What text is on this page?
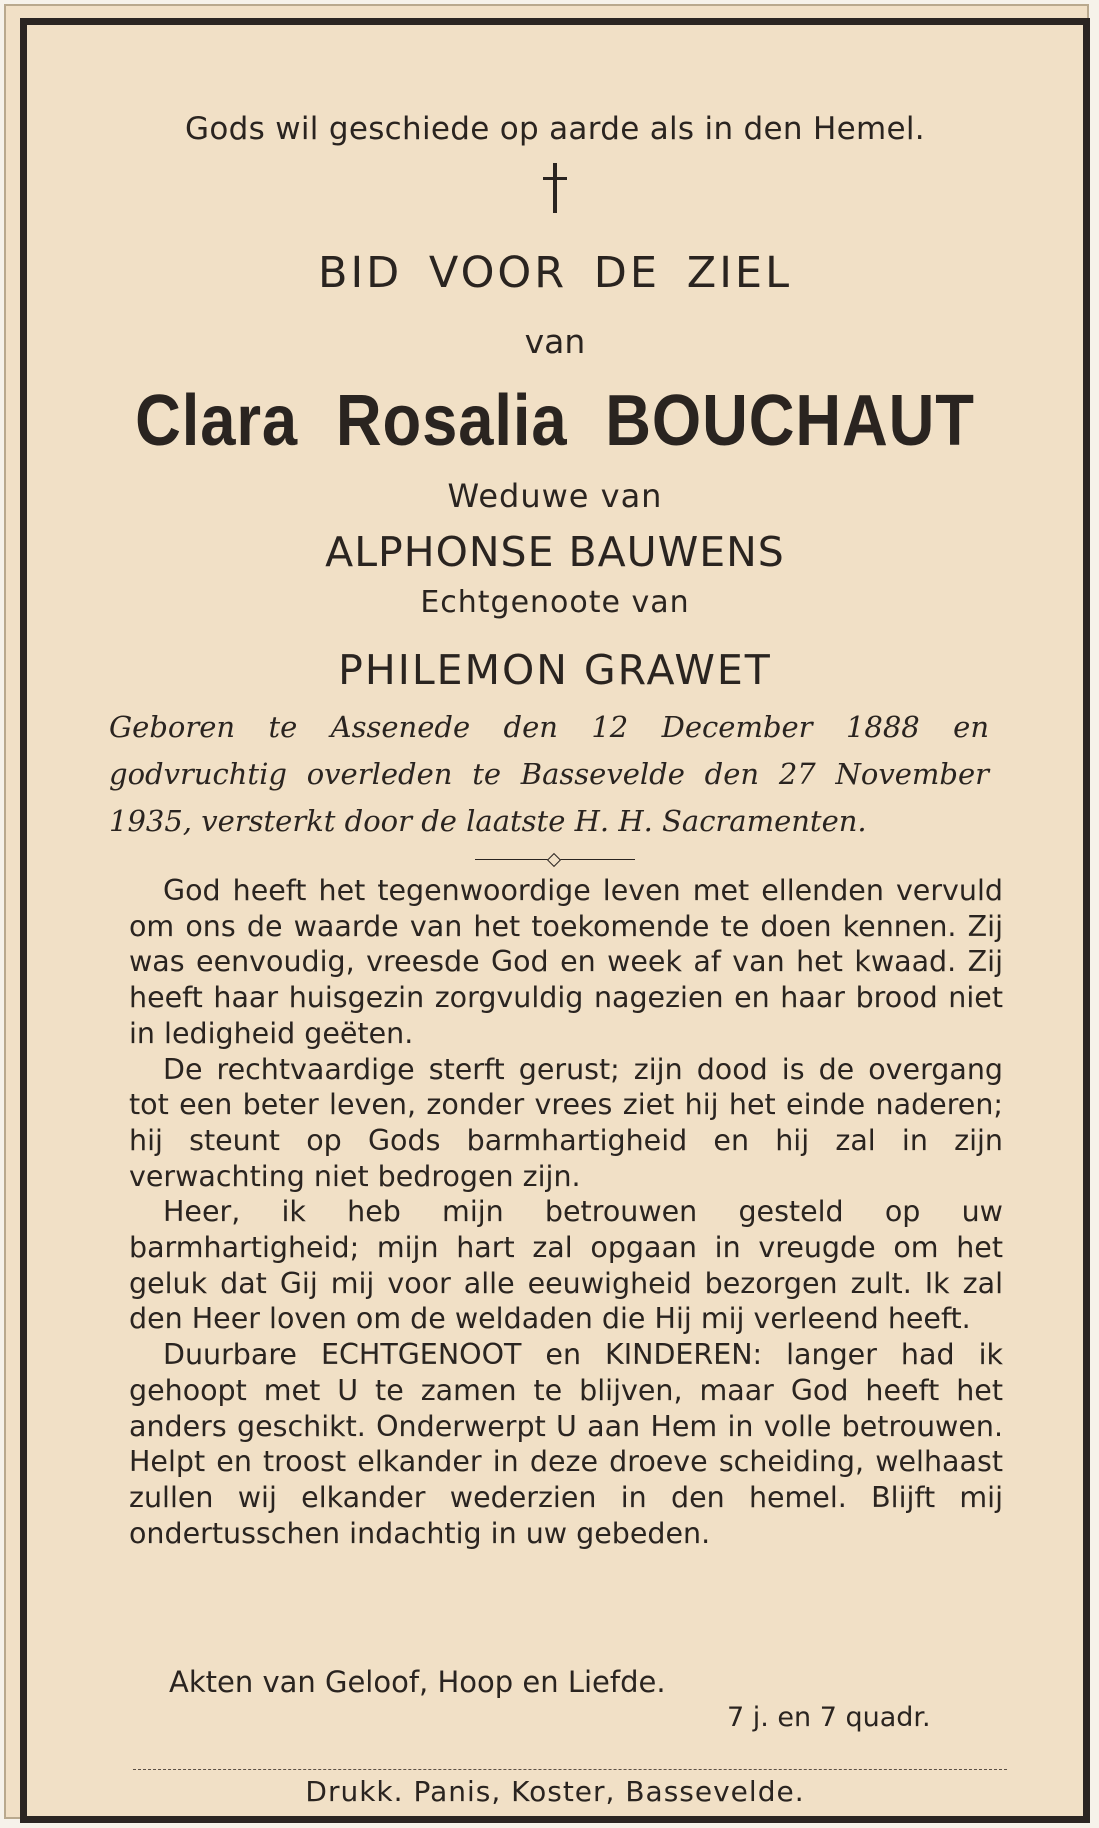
Gods wil geschiede op aarde als in den Hemel.
BID VOOR DE ZIEL
van
Clara Rosalia BOUCHAUT
Weduwe van
ALPHONSE BAUWENS
Echtgenoote van
PHILEMON GRAWET
Geboren te Assenede den 12 December 1888 en godvruchtig overleden te Bassevelde den 27 November 1935, versterkt door de laatste H. H. Sacramenten.

God heeft het tegenwoordige leven met ellenden vervuld om ons de waarde van het toekomende te doen kennen. Zij was eenvoudig, vreesde God en week af van het kwaad. Zij heeft haar huisgezin zorgvuldig nagezien en haar brood niet in ledigheid geëten.

De rechtvaardige sterft gerust; zijn dood is de overgang tot een beter leven, zonder vrees ziet hij het einde naderen; hij steunt op Gods barmhartigheid en hij zal in zijn verwachting niet bedrogen zijn.

Heer, ik heb mijn betrouwen gesteld op uw barmhartigheid; mijn hart zal opgaan in vreugde om het geluk dat Gij mij voor alle eeuwigheid bezorgen zult. Ik zal den Heer loven om de weldaden die Hij mij verleend heeft.

Duurbare ECHTGENOOT en KINDEREN: langer had ik gehoopt met U te zamen te blijven, maar God heeft het anders geschikt. Onderwerpt U aan Hem in volle betrouwen. Helpt en troost elkander in deze droeve scheiding, welhaast zullen wij elkander wederzien in den hemel. Blijft mij ondertusschen indachtig in uw gebeden.

Akten van Geloof, Hoop en Liefde.
7 j. en 7 quadr.
Drukk. Panis, Koster, Bassevelde.
